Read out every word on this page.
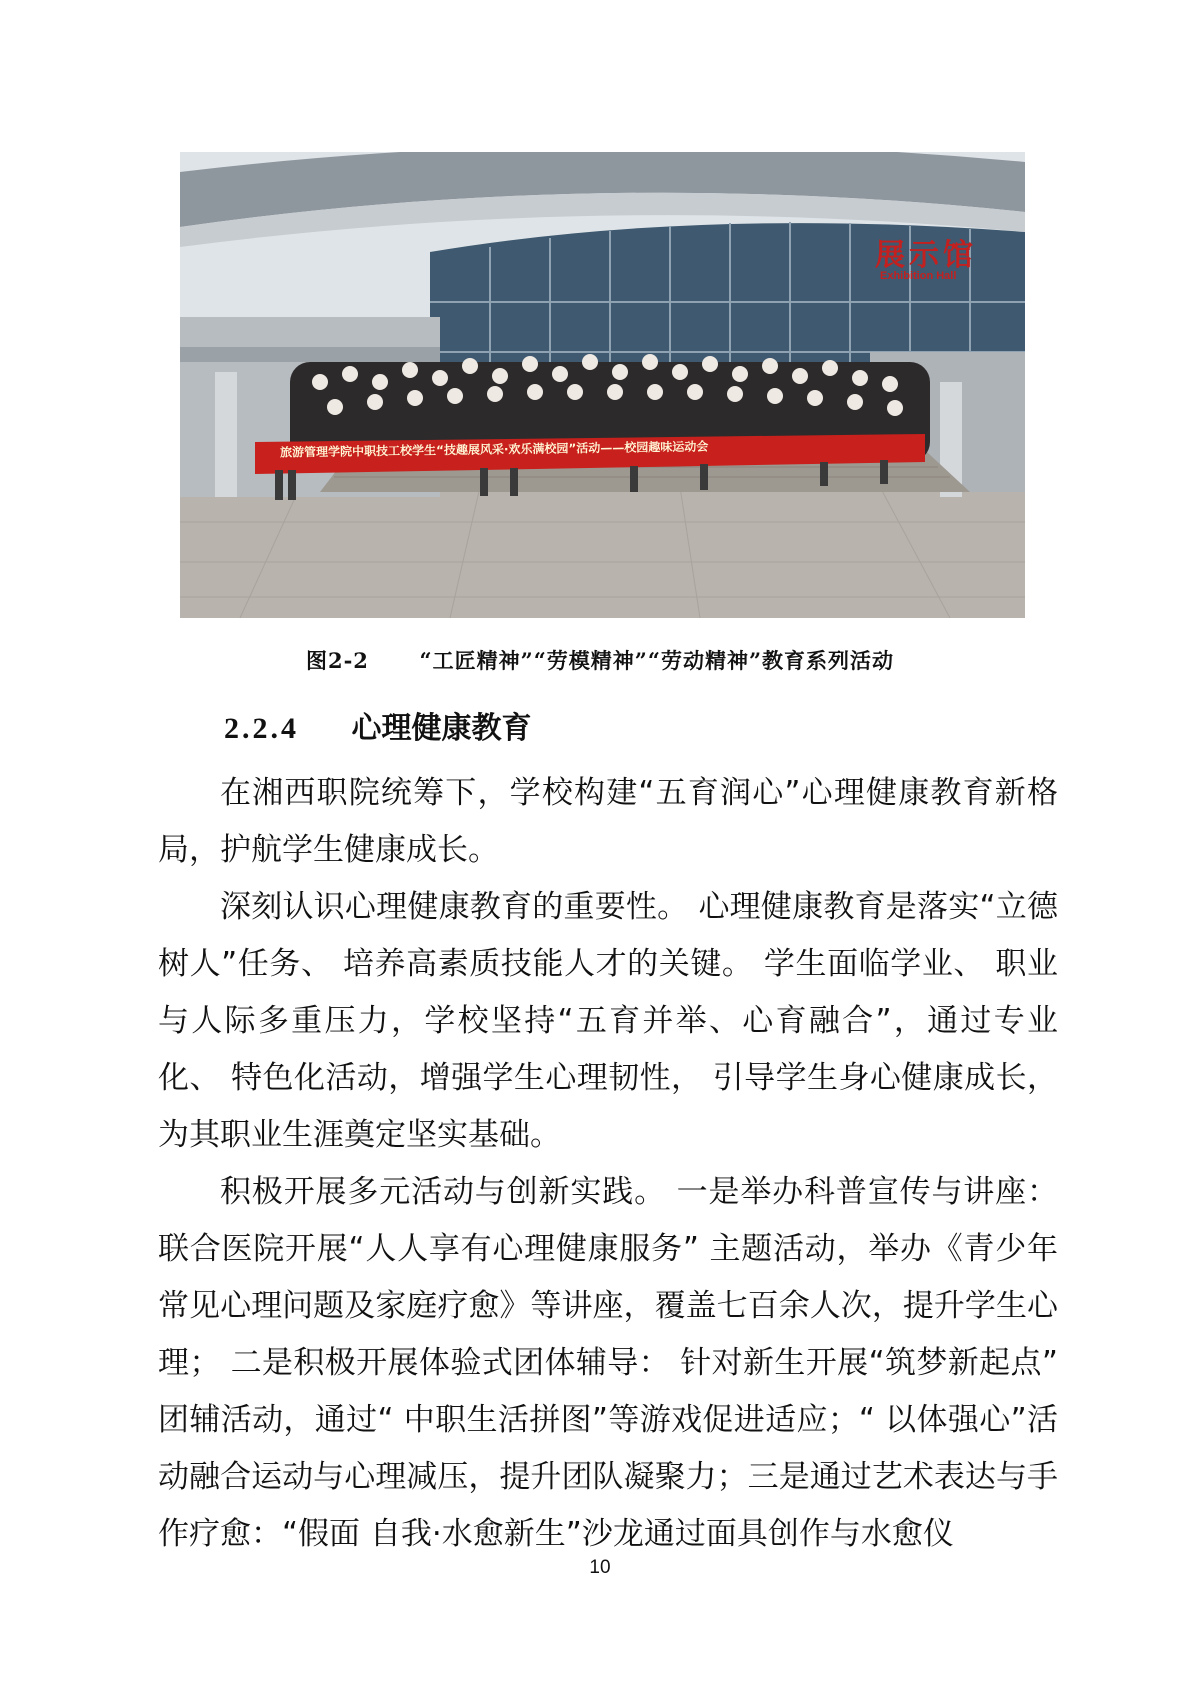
旅游管理学院中职技工校学生“技趣展风采·欢乐满校园”活动——校园趣味运动会
展示馆
Exhibition Hall
图2-2 “工匠精神”“劳模精神”“劳动精神”教育系列活动
2.2.4 心理健康教育

在湘西职院统筹下，学校构建“五育润心”心理健康教育新格局，护航学生健康成长。

深刻认识心理健康教育的重要性。 心理健康教育是落实“立德树人”任务、 培养高素质技能人才的关键。 学生面临学业、 职业与人际多重压力，学校坚持“五育并举、心育融合”，通过专业化、 特色化活动，增强学生心理韧性， 引导学生身心健康成长，为其职业生涯奠定坚实基础。

积极开展多元活动与创新实践。 一是举办科普宣传与讲座：联合医院开展“人人享有心理健康服务” 主题活动，举办《青少年常见心理问题及家庭疗愈》等讲座，覆盖七百余人次，提升学生心理； 二是积极开展体验式团体辅导： 针对新生开展“筑梦新起点” 团辅活动，通过“ 中职生活拼图”等游戏促进适应；“ 以体强心”活动融合运动与心理减压，提升团队凝聚力；三是通过艺术表达与手作疗愈：“假面 自我·水愈新生”沙龙通过面具创作与水愈仪

10
